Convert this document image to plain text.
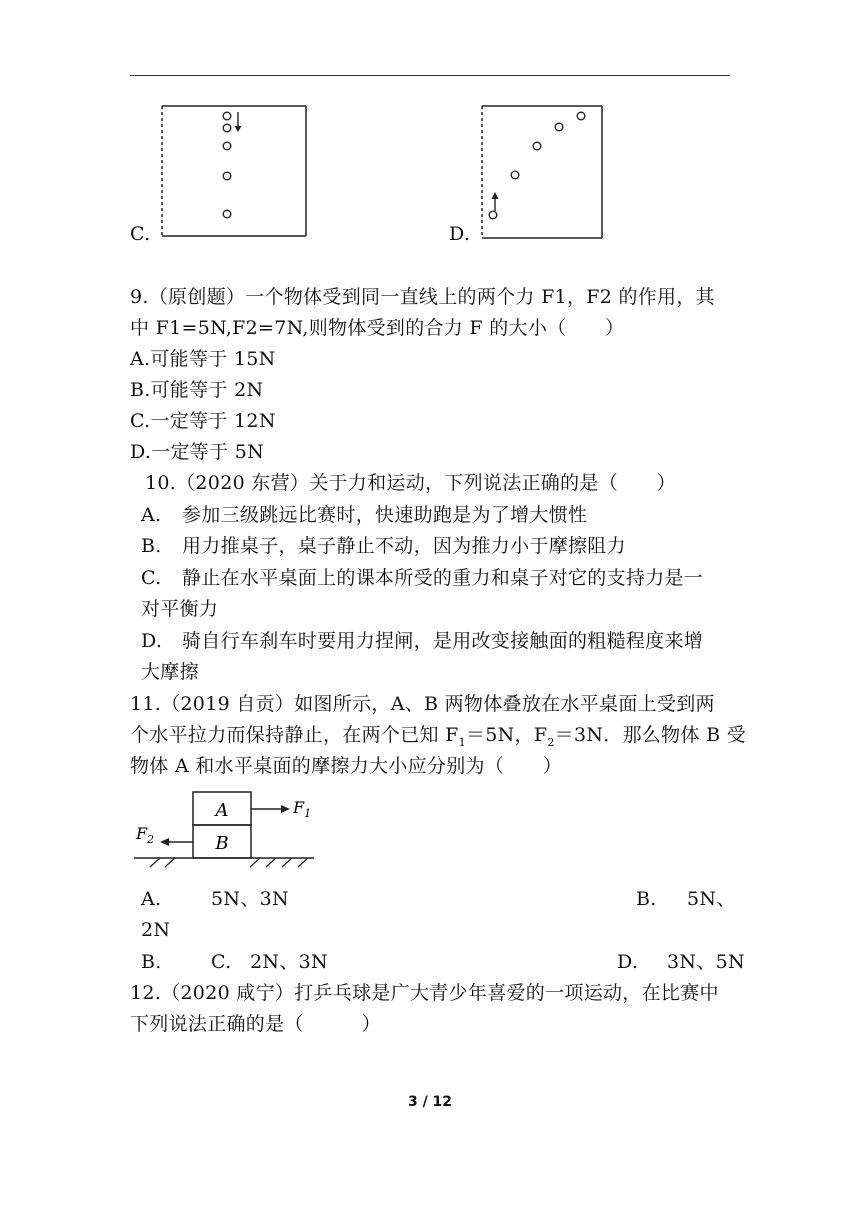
C.	D.
9.（原创题）一个物体受到同一直线上的两个力 F1，F2 的作用，其
中 F1=5N,F2=7N,则物体受到的合力 F 的大小（　　）
A.可能等于 15N
B.可能等于 2N
C.一定等于 12N
D.一定等于 5N
10.（2020 东营）关于力和运动，下列说法正确的是（　　）
A. 参加三级跳远比赛时，快速助跑是为了增大惯性
B. 用力推桌子，桌子静止不动，因为推力小于摩擦阻力
C. 静止在水平桌面上的课本所受的重力和桌子对它的支持力是一
对平衡力
D. 骑自行车刹车时要用力捏闸，是用改变接触面的粗糙程度来增
大摩擦
11.（2019 自贡）如图所示，A、B 两物体叠放在水平桌面上受到两
个水平拉力而保持静止，在两个已知 $F_1=5N$，$F_2=3N$．那么物体 B 受
物体 A 和水平桌面的摩擦力大小应分别为（　　）
A
B
$F_1$
$F_2$
A.	5N、3N	B. 5N、
2N
B.	C. 2N、3N	D. 3N、5N
12.（2020 咸宁）打乒乓球是广大青少年喜爱的一项运动，在比赛中
下列说法正确的是（　　　）
3 / 12
